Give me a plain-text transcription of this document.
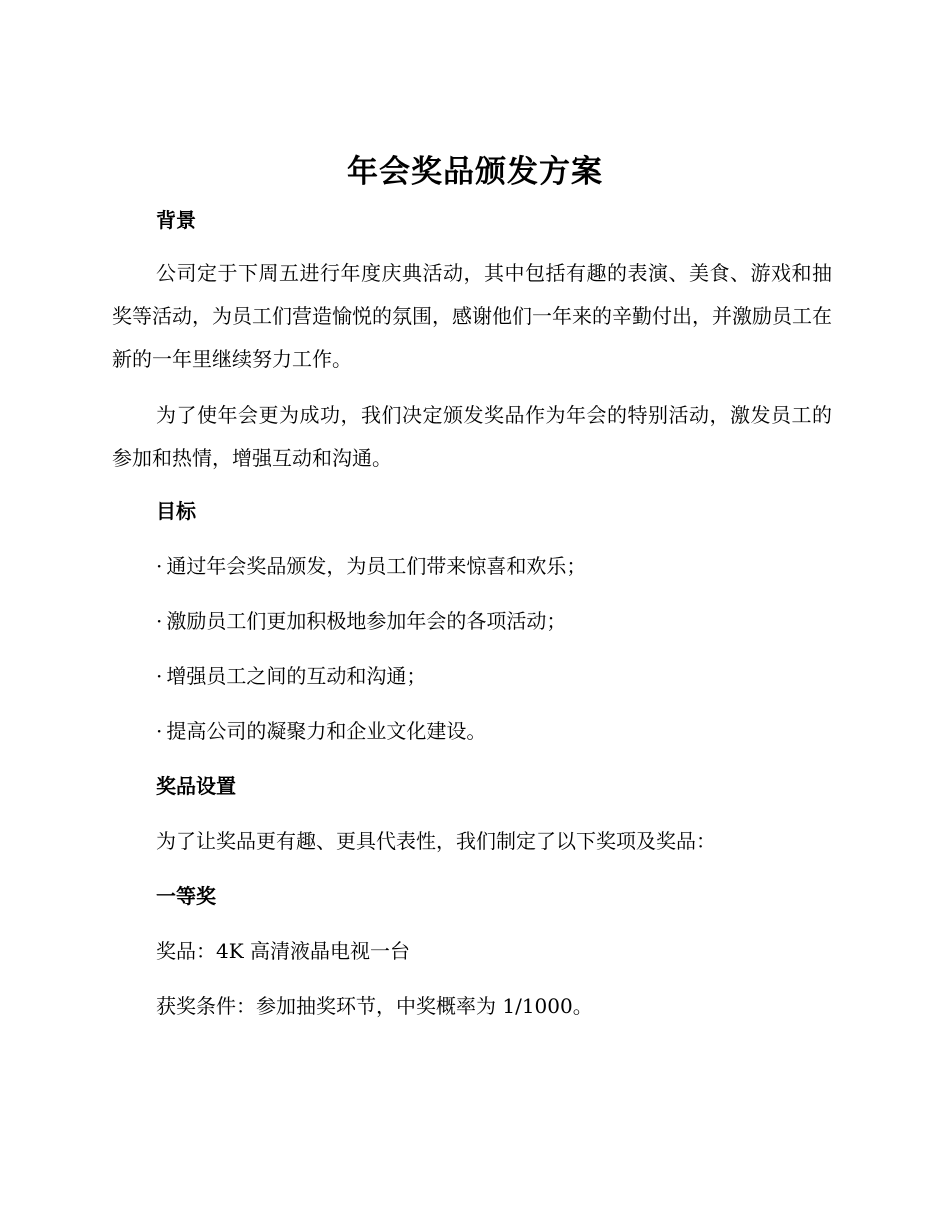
年会奖品颁发方案
背景
公司定于下周五进行年度庆典活动，其中包括有趣的表演、美食、游戏和抽奖等活动，为员工们营造愉悦的氛围，感谢他们一年来的辛勤付出，并激励员工在新的一年里继续努力工作。
为了使年会更为成功，我们决定颁发奖品作为年会的特别活动，激发员工的参加和热情，增强互动和沟通。
目标
· 通过年会奖品颁发，为员工们带来惊喜和欢乐；
· 激励员工们更加积极地参加年会的各项活动；
· 增强员工之间的互动和沟通；
· 提高公司的凝聚力和企业文化建设。
奖品设置
为了让奖品更有趣、更具代表性，我们制定了以下奖项及奖品：
一等奖
奖品：4K 高清液晶电视一台
获奖条件：参加抽奖环节，中奖概率为 1/1000。
